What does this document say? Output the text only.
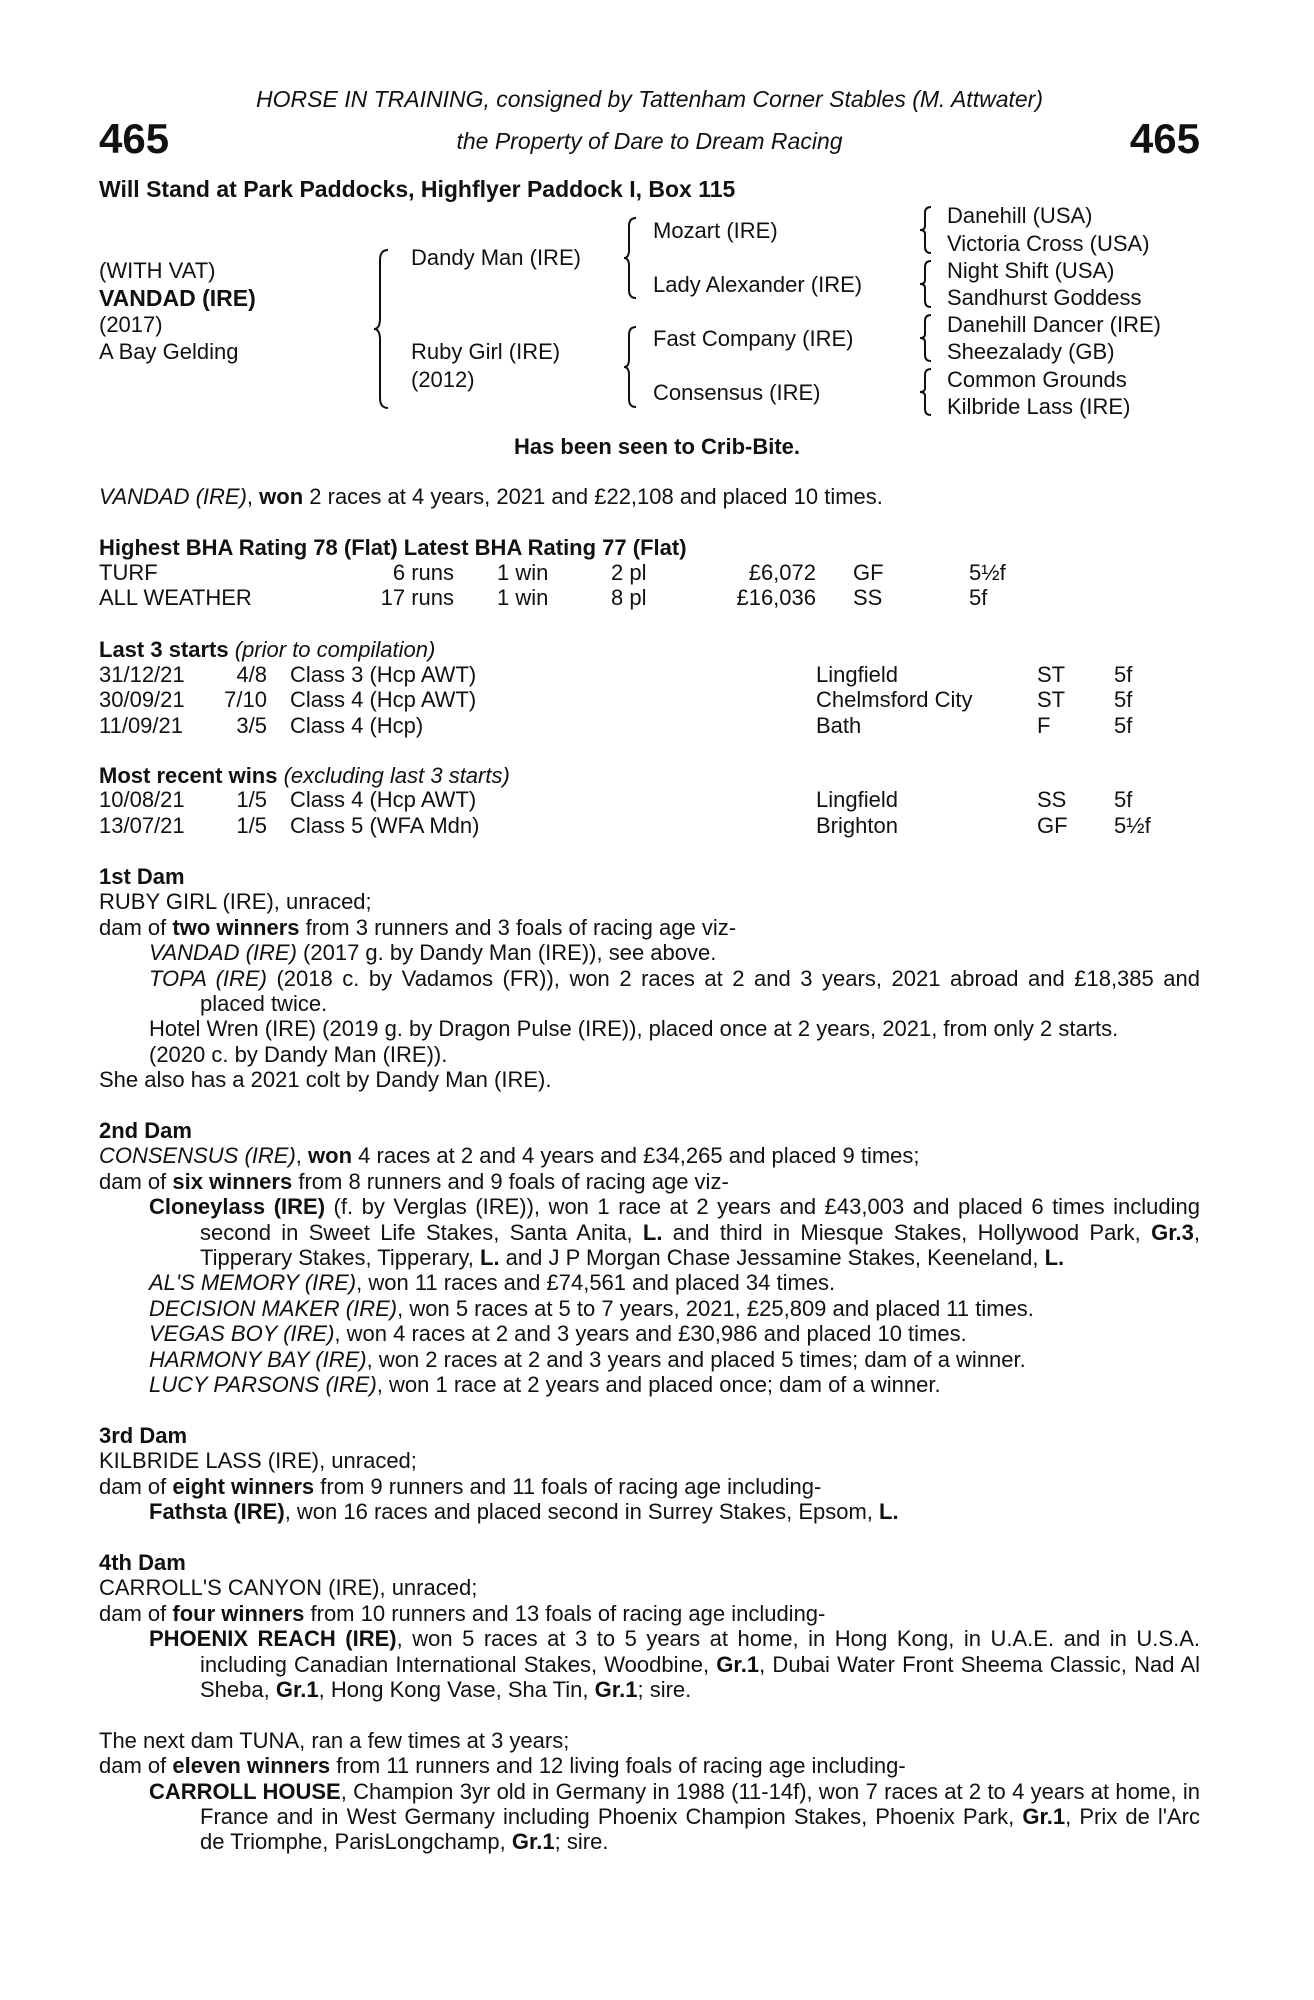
HORSE IN TRAINING, consigned by Tattenham Corner Stables (M. Attwater)
the Property of Dare to Dream Racing
465	465
Will Stand at Park Paddocks, Highflyer Paddock I, Box 115
(WITH VAT)
VANDAD (IRE)
(2017)
A Bay Gelding
Dandy Man (IRE)
Ruby Girl (IRE)
(2012)
Mozart (IRE)
Lady Alexander (IRE)
Fast Company (IRE)
Consensus (IRE)
Danehill (USA)
Victoria Cross (USA)
Night Shift (USA)
Sandhurst Goddess
Danehill Dancer (IRE)
Sheezalady (GB)
Common Grounds
Kilbride Lass (IRE)
Has been seen to Crib-Bite.
VANDAD (IRE), won 2 races at 4 years, 2021 and £22,108 and placed 10 times.
Highest BHA Rating 78 (Flat) Latest BHA Rating 77 (Flat)
TURF	6 runs 1 win	2 pl	£6,072 GF	5½f
ALL WEATHER	17 runs 1 win	8 pl	£16,036 SS	5f
Last 3 starts (prior to compilation)
31/12/21 4/8 Class 3 (Hcp AWT)	Lingfield	ST 5f
30/09/21 7/10 Class 4 (Hcp AWT)	Chelmsford City	ST 5f
11/09/21 3/5 Class 4 (Hcp)	Bath	F	5f
Most recent wins (excluding last 3 starts)
10/08/21 1/5 Class 4 (Hcp AWT)	Lingfield	SS 5f
13/07/21 1/5 Class 5 (WFA Mdn)	Brighton	GF 5½f
1st Dam
RUBY GIRL (IRE), unraced;
dam of two winners from 3 runners and 3 foals of racing age viz-
VANDAD (IRE) (2017 g. by Dandy Man (IRE)), see above.
TOPA (IRE) (2018 c. by Vadamos (FR)), won 2 races at 2 and 3 years, 2021 abroad and £18,385 and placed twice.
Hotel Wren (IRE) (2019 g. by Dragon Pulse (IRE)), placed once at 2 years, 2021, from only 2 starts.
(2020 c. by Dandy Man (IRE)).
She also has a 2021 colt by Dandy Man (IRE).
2nd Dam
CONSENSUS (IRE), won 4 races at 2 and 4 years and £34,265 and placed 9 times;
dam of six winners from 8 runners and 9 foals of racing age viz-
Cloneylass (IRE) (f. by Verglas (IRE)), won 1 race at 2 years and £43,003 and placed 6 times including second in Sweet Life Stakes, Santa Anita, L. and third in Miesque Stakes, Hollywood Park, Gr.3, Tipperary Stakes, Tipperary, L. and J P Morgan Chase Jessamine Stakes, Keeneland, L.
AL'S MEMORY (IRE), won 11 races and £74,561 and placed 34 times.
DECISION MAKER (IRE), won 5 races at 5 to 7 years, 2021, £25,809 and placed 11 times.
VEGAS BOY (IRE), won 4 races at 2 and 3 years and £30,986 and placed 10 times.
HARMONY BAY (IRE), won 2 races at 2 and 3 years and placed 5 times; dam of a winner.
LUCY PARSONS (IRE), won 1 race at 2 years and placed once; dam of a winner.
3rd Dam
KILBRIDE LASS (IRE), unraced;
dam of eight winners from 9 runners and 11 foals of racing age including-
Fathsta (IRE), won 16 races and placed second in Surrey Stakes, Epsom, L.
4th Dam
CARROLL'S CANYON (IRE), unraced;
dam of four winners from 10 runners and 13 foals of racing age including-
PHOENIX REACH (IRE), won 5 races at 3 to 5 years at home, in Hong Kong, in U.A.E. and in U.S.A. including Canadian International Stakes, Woodbine, Gr.1, Dubai Water Front Sheema Classic, Nad Al Sheba, Gr.1, Hong Kong Vase, Sha Tin, Gr.1; sire.
The next dam TUNA, ran a few times at 3 years;
dam of eleven winners from 11 runners and 12 living foals of racing age including-
CARROLL HOUSE, Champion 3yr old in Germany in 1988 (11-14f), won 7 races at 2 to 4 years at home, in France and in West Germany including Phoenix Champion Stakes, Phoenix Park, Gr.1, Prix de l'Arc de Triomphe, ParisLongchamp, Gr.1; sire.
